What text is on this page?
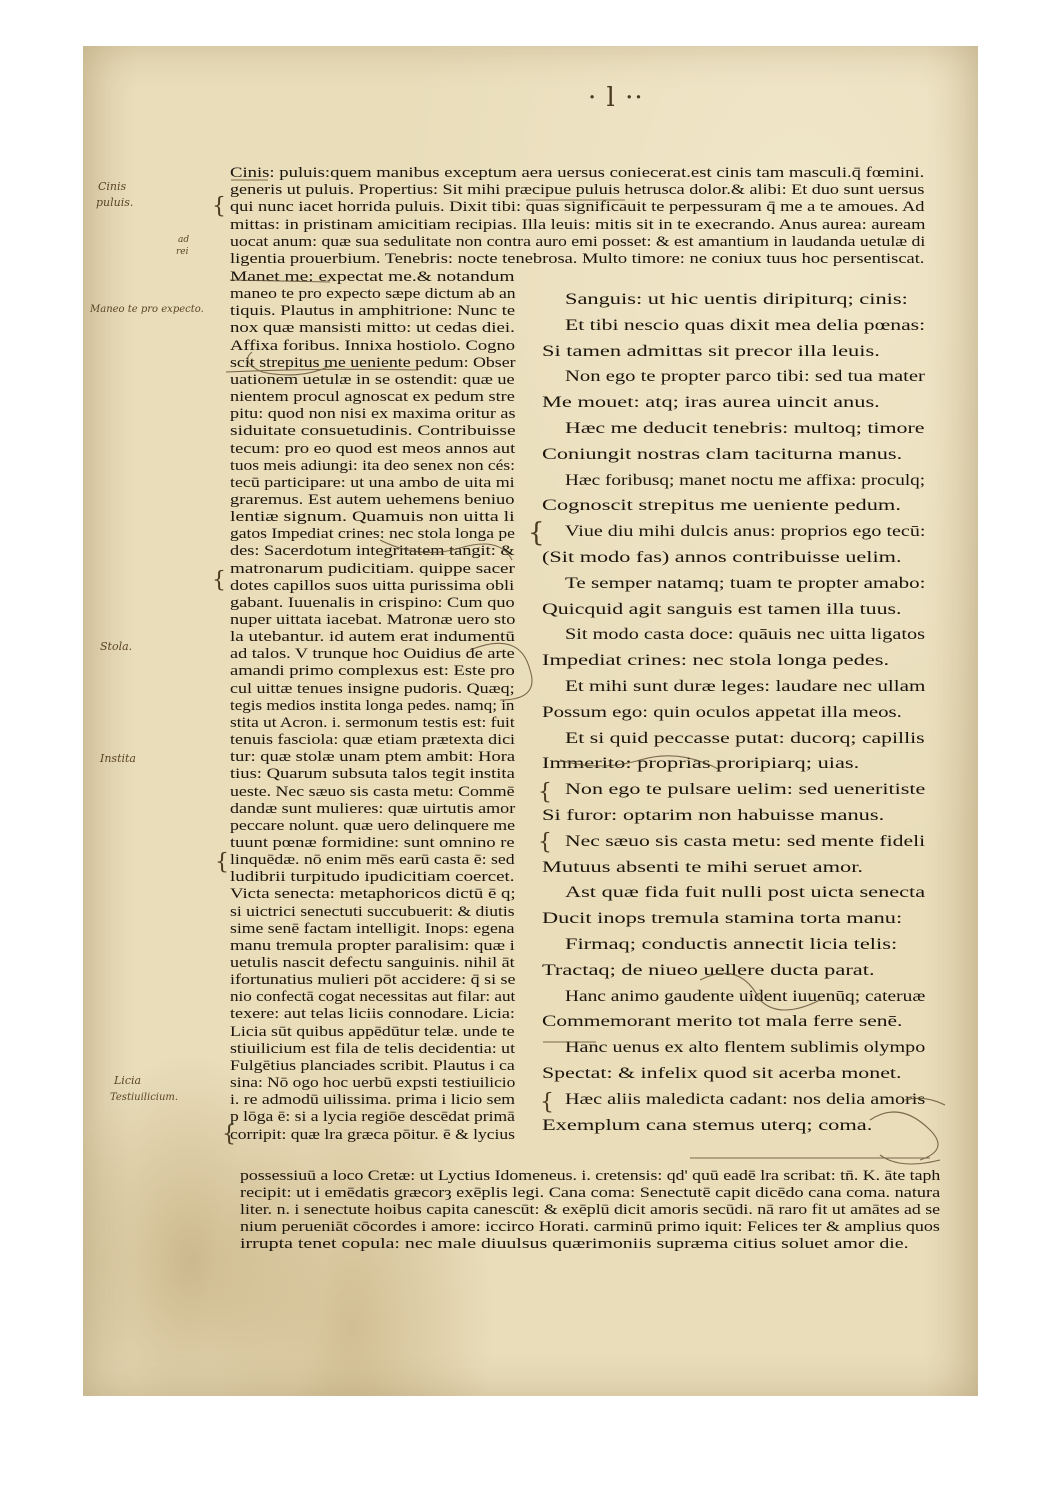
· l ··

Cinis: puluis:quem manibus exceptum aera uersus coniecerat.est cinis tam masculi.q̄ fœmini.

generis ut puluis. Propertius: Sit mihi præcipue puluis hetrusca dolor.& alibi: Et duo sunt uersus

qui nunc iacet horrida puluis. Dixit tibi: quas significauit te perpessuram q̄ me a te amoues. Ad

mittas: in pristinam amicitiam recipias. Illa leuis: mitis sit in te execrando. Anus aurea: auream

uocat anum: quæ sua sedulitate non contra auro emi posset: & est amantium in laudanda uetulæ di

ligentia prouerbium. Tenebris: nocte tenebrosa. Multo timore: ne coniux tuus hoc persentiscat.

Manet me: expectat me.& notandum

maneo te pro expecto sæpe dictum ab an

tiquis. Plautus in amphitrione: Nunc te

nox quæ mansisti mitto: ut cedas diei.

Affixa foribus. Innixa hostiolo. Cogno

scit strepitus me ueniente pedum: Obser

uationem uetulæ in se ostendit: quæ ue

nientem procul agnoscat ex pedum stre

pitu: quod non nisi ex maxima oritur as

siduitate consuetudinis. Contribuisse

tecum: pro eo quod est meos annos aut

tuos meis adiungi: ita deo senex non cés:

tecū participare: ut una ambo de uita mi

graremus. Est autem uehemens beniuo

lentiæ signum. Quamuis non uitta li

gatos Impediat crines: nec stola longa pe

des: Sacerdotum integritatem tangit: &

matronarum pudicitiam. quippe sacer

dotes capillos suos uitta purissima obli

gabant. Iuuenalis in crispino: Cum quo

nuper uittata iacebat. Matronæ uero sto

la utebantur. id autem erat indumentū

ad talos. V trunque hoc Ouidius de arte

amandi primo complexus est: Este pro

cul uittæ tenues insigne pudoris. Quæq;

tegis medios instita longa pedes. namq; in

stita ut Acron. i. sermonum testis est: fuit

tenuis fasciola: quæ etiam prætexta dici

tur: quæ stolæ unam ptem ambit: Hora

tius: Quarum subsuta talos tegit instita

ueste. Nec sæuo sis casta metu: Commē

dandæ sunt mulieres: quæ uirtutis amor

peccare nolunt. quæ uero delinquere me

tuunt pœnæ formidine: sunt omnino re

linquēdæ. nō enim mēs earū casta ē: sed

ludibrii turpitudo ipudicitiam coercet.

Victa senecta: metaphoricos dictū ē q;

si uictrici senectuti succubuerit: & diutis

sime senē factam intelligit. Inops: egena

manu tremula propter paralisim: quæ i

uetulis nascit defectu sanguinis. nihil āt

ifortunatius mulieri pōt accidere: q̄ si se

nio confectā cogat necessitas aut filar: aut

texere: aut telas liciis connodare. Licia:

Licia sūt quibus appēdūtur telæ. unde te

stiuilicium est fila de telis decidentia: ut

Fulgētius planciades scribit. Plautus i ca

sina: Nō ogo hoc uerbū expsti testiuilicio

i. re admodū uilissima. prima i licio sem

p lōga ē: si a lycia regiōe descēdat primā

corripit: quæ lra græca pōitur. ē & lycius

Sanguis: ut hic uentis diripiturq; cinis:

Et tibi nescio quas dixit mea delia pœnas:

Si tamen admittas sit precor illa leuis.

Non ego te propter parco tibi: sed tua mater

Me mouet: atq; iras aurea uincit anus.

Hæc me deducit tenebris: multoq; timore

Coniungit nostras clam taciturna manus.

Hæc foribusq; manet noctu me affixa: proculq;

Cognoscit strepitus me ueniente pedum.

Viue diu mihi dulcis anus: proprios ego tecū:

(Sit modo fas) annos contribuisse uelim.

Te semper natamq; tuam te propter amabo:

Quicquid agit sanguis est tamen illa tuus.

Sit modo casta doce: quāuis nec uitta ligatos

Impediat crines: nec stola longa pedes.

Et mihi sunt duræ leges: laudare nec ullam

Possum ego: quin oculos appetat illa meos.

Et si quid peccasse putat: ducorq; capillis

Immerito: proprias proripiarq; uias.

Non ego te pulsare uelim: sed ueneritiste

Si furor: optarim non habuisse manus.

Nec sæuo sis casta metu: sed mente fideli

Mutuus absenti te mihi seruet amor.

Ast quæ fida fuit nulli post uicta senecta

Ducit inops tremula stamina torta manu:

Firmaq; conductis annectit licia telis:

Tractaq; de niueo uellere ducta parat.

Hanc animo gaudente uident iuuenūq; cateruæ

Commemorant merito tot mala ferre senē.

Hanc uenus ex alto flentem sublimis olympo

Spectat: & infelix quod sit acerba monet.

Hæc aliis maledicta cadant: nos delia amoris

Exemplum cana stemus uterq; coma.

possessiuū a loco Cretæ: ut Lyctius Idomeneus. i. cretensis: qd' quū eadē lra scribat: tn̄. K. āte taph

recipit: ut i emēdatis græcorȝ exēplis legi. Cana coma: Senectutē capit dicēdo cana coma. natura

liter. n. i senectute hoibus capita canescūt: & exēplū dicit amoris secūdi. nā raro fit ut amātes ad se

nium perueniāt cōcordes i amore: iccirco Horati. carminū primo iquit: Felices ter & amplius quos

irrupta tenet copula: nec male diuulsus quærimoniis supræma citius soluet amor die.

Cinis

puluis.

ad

rei

Maneo te pro expecto.

Stola.

Instita

Licia

Testiuilicium.

{
{
{
{
{
{
{
{
